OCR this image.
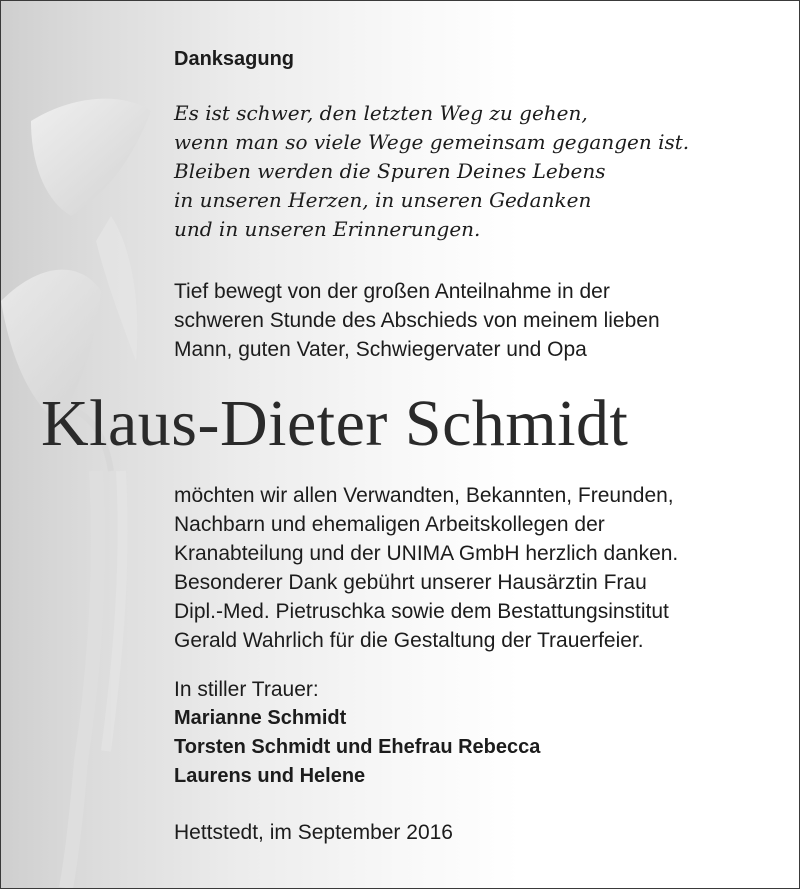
Danksagung
Es ist schwer, den letzten Weg zu gehen,
wenn man so viele Wege gemeinsam gegangen ist.
Bleiben werden die Spuren Deines Lebens
in unseren Herzen, in unseren Gedanken
und in unseren Erinnerungen.
Tief bewegt von der großen Anteilnahme in der
schweren Stunde des Abschieds von meinem lieben
Mann, guten Vater, Schwiegervater und Opa
Klaus-Dieter Schmidt
möchten wir allen Verwandten, Bekannten, Freunden,
Nachbarn und ehemaligen Arbeitskollegen der
Kranabteilung und der UNIMA GmbH herzlich danken.
Besonderer Dank gebührt unserer Hausärztin Frau
Dipl.-Med. Pietruschka sowie dem Bestattungsinstitut
Gerald Wahrlich für die Gestaltung der Trauerfeier.
In stiller Trauer:
Marianne Schmidt
Torsten Schmidt und Ehefrau Rebecca
Laurens und Helene
Hettstedt, im September 2016
